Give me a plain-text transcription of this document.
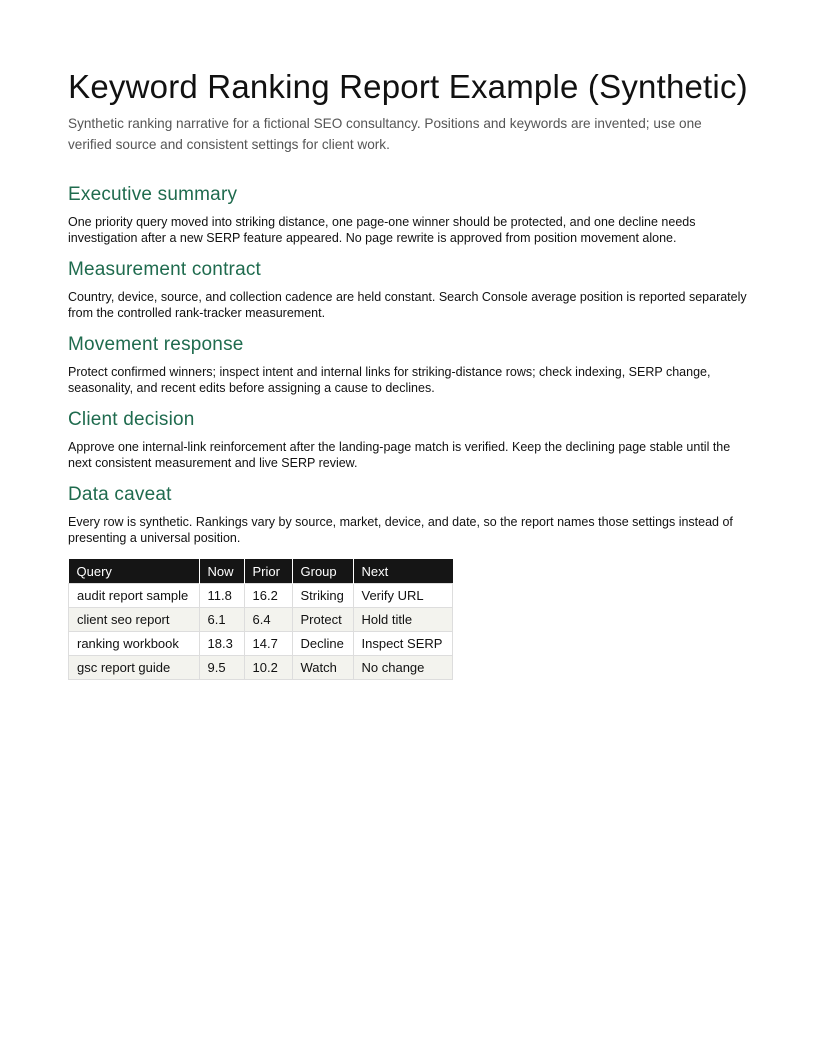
Keyword Ranking Report Example (Synthetic)

Synthetic ranking narrative for a fictional SEO consultancy. Positions and keywords are invented; use one verified source and consistent settings for client work.

Executive summary

One priority query moved into striking distance, one page-one winner should be protected, and one decline needs investigation after a new SERP feature appeared. No page rewrite is approved from position movement alone.

Measurement contract

Country, device, source, and collection cadence are held constant. Search Console average position is reported separately from the controlled rank-tracker measurement.

Movement response

Protect confirmed winners; inspect intent and internal links for striking-distance rows; check indexing, SERP change, seasonality, and recent edits before assigning a cause to declines.

Client decision

Approve one internal-link reinforcement after the landing-page match is verified. Keep the declining page stable until the next consistent measurement and live SERP review.

Data caveat

Every row is synthetic. Rankings vary by source, market, device, and date, so the report names those settings instead of presenting a universal position.

Query	Now	Prior	Group	Next
audit report sample	11.8	16.2	Striking	Verify URL
client seo report	6.1	6.4	Protect	Hold title
ranking workbook	18.3	14.7	Decline	Inspect SERP
gsc report guide	9.5	10.2	Watch	No change
